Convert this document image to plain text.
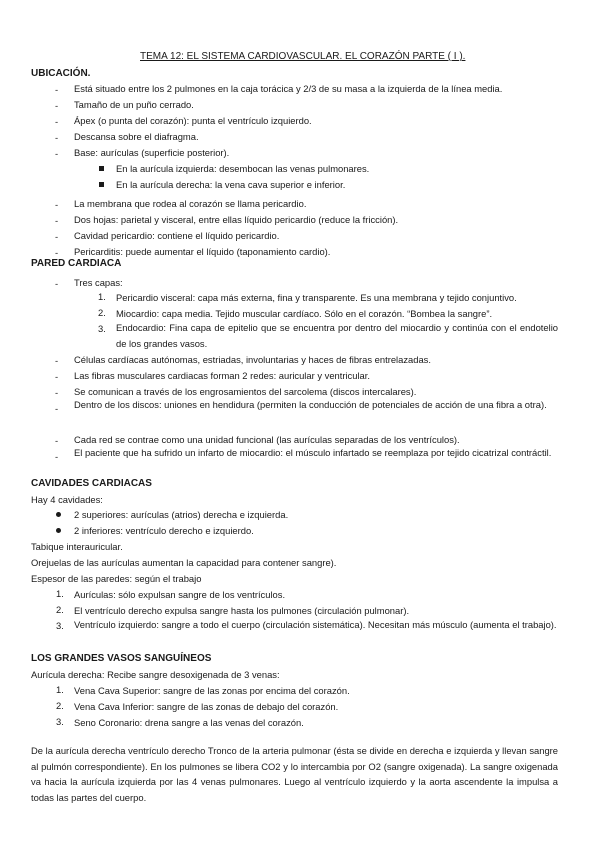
TEMA 12: EL SISTEMA CARDIOVASCULAR. EL CORAZÓN PARTE ( I ).
UBICACIÓN.
- Está situado entre los 2 pulmones en la caja torácica y 2/3 de su masa a la izquierda de la línea media.
- Tamaño de un puño cerrado.
- Ápex (o punta del corazón): punta el ventrículo izquierdo.
- Descansa sobre el diafragma.
- Base: aurículas (superficie posterior).
En la aurícula izquierda: desembocan las venas pulmonares.
En la aurícula derecha: la vena cava superior e inferior.
- La membrana que rodea al corazón se llama pericardio.
- Dos hojas: parietal y visceral, entre ellas líquido pericardio (reduce la fricción).
- Cavidad pericardio: contiene el líquido pericardio.
- Pericarditis: puede aumentar el líquido (taponamiento cardio).
PARED CARDIACA
- Tres capas:
1. Pericardio visceral: capa más externa, fina y transparente. Es una membrana y tejido conjuntivo.
2. Miocardio: capa media. Tejido muscular cardíaco. Sólo en el corazón. “Bombea la sangre”.
3. Endocardio: Fina capa de epitelio que se encuentra por dentro del miocardio y continúa con el endotelio de los grandes vasos.
- Células cardíacas autónomas, estriadas, involuntarias y haces de fibras entrelazadas.
- Las fibras musculares cardiacas forman 2 redes: auricular y ventricular.
- Se comunican a través de los engrosamientos del sarcolema (discos intercalares).
- Dentro de los discos: uniones en hendidura (permiten la conducción de potenciales de acción de una fibra a otra).
- Cada red se contrae como una unidad funcional (las aurículas separadas de los ventrículos).
- El paciente que ha sufrido un infarto de miocardio: el músculo infartado se reemplaza por tejido cicatrizal contráctil.
CAVIDADES CARDIACAS
Hay 4 cavidades:
2 superiores: aurículas (atrios) derecha e izquierda.
2 inferiores: ventrículo derecho e izquierdo.
Tabique interauricular.
Orejuelas de las aurículas aumentan la capacidad para contener sangre).
Espesor de las paredes: según el trabajo
1. Aurículas: sólo expulsan sangre de los ventrículos.
2. El ventrículo derecho expulsa sangre hasta los pulmones (circulación pulmonar).
3. Ventrículo izquierdo: sangre a todo el cuerpo (circulación sistemática). Necesitan más músculo (aumenta el trabajo).
LOS GRANDES VASOS SANGUÍNEOS
Aurícula derecha: Recibe sangre desoxigenada de 3 venas:
1. Vena Cava Superior: sangre de las zonas por encima del corazón.
2. Vena Cava Inferior: sangre de las zonas de debajo del corazón.
3. Seno Coronario: drena sangre a las venas del corazón.
De la aurícula derecha ventrículo derecho Tronco de la arteria pulmonar (ésta se divide en derecha e izquierda y llevan sangre al pulmón correspondiente). En los pulmones se libera CO2 y lo intercambia por O2 (sangre oxigenada). La sangre oxigenada va hacia la aurícula izquierda por las 4 venas pulmonares. Luego al ventrículo izquierdo y la aorta ascendente la impulsa a todas las partes del cuerpo.
